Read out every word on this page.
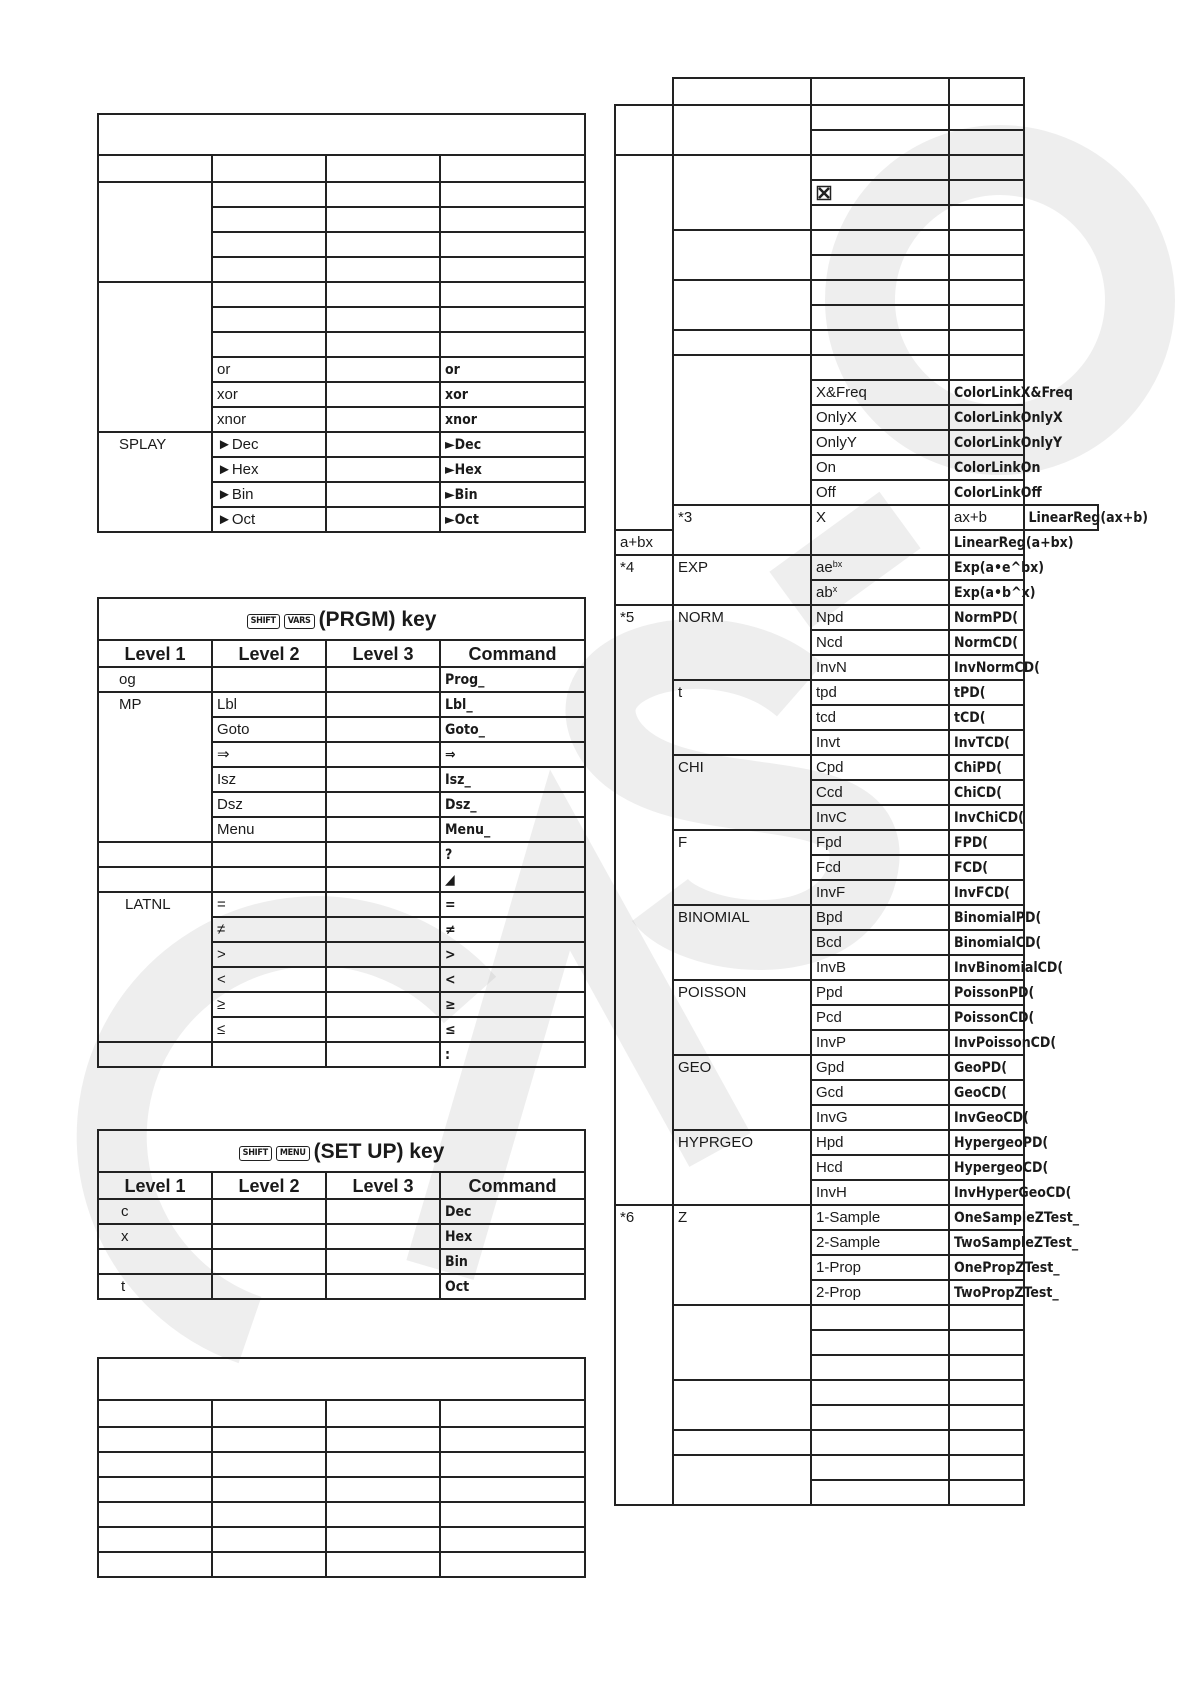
	or		or
	xor		xor
	xnor		xnor
SPLAY	►Dec		►Dec
	►Hex		►Hex
	►Bin		►Bin
	►Oct		►Oct
SHIFT VARS (PRGM) key			
Level 1	Level 2	Level 3	Command
og			Prog_
MP	Lbl		Lbl_
	Goto		Goto_
	⇒		⇒
	Isz		Isz_
	Dsz		Dsz_
	Menu		Menu_
			?
			◢
LATNL	=		=
	≠		≠
	>		>
	<		<
	≥		≥
	≤		≤
			:
SHIFT MENU (SET UP) key			
Level 1	Level 2	Level 3	Command
c			Dec
x			Hex
			Bin
t			Oct

		X&Freq	ColorLinkX&Freq	
		OnlyX	ColorLinkOnlyX	
		OnlyY	ColorLinkOnlyY	
		On	ColorLinkOn	
		Off	ColorLinkOff	
	*3	X	ax+b	LinearReg(ax+b)
a+bx			LinearReg(a+bx)	
*4	EXP	$ae^{bx}$	Exp(a•e^bx)	
		$ab^x$	Exp(a•b^x)	
*5	NORM	Npd	NormPD(	
		Ncd	NormCD(	
		InvN	InvNormCD(	
	t	tpd	tPD(	
		tcd	tCD(	
		Invt	InvTCD(	
	CHI	Cpd	ChiPD(	
		Ccd	ChiCD(	
		InvC	InvChiCD(	
	F	Fpd	FPD(	
		Fcd	FCD(	
		InvF	InvFCD(	
	BINOMIAL	Bpd	BinomialPD(	
		Bcd	BinomialCD(	
		InvB	InvBinomialCD(	
	POISSON	Ppd	PoissonPD(	
		Pcd	PoissonCD(	
		InvP	InvPoissonCD(	
	GEO	Gpd	GeoPD(	
		Gcd	GeoCD(	
		InvG	InvGeoCD(	
	HYPRGEO	Hpd	HypergeoPD(	
		Hcd	HypergeoCD(	
		InvH	InvHyperGeoCD(	
*6	Z	1-Sample	OneSampleZTest_	
		2-Sample	TwoSampleZTest_	
		1-Prop	OnePropZTest_	
		2-Prop	TwoPropZTest_	
